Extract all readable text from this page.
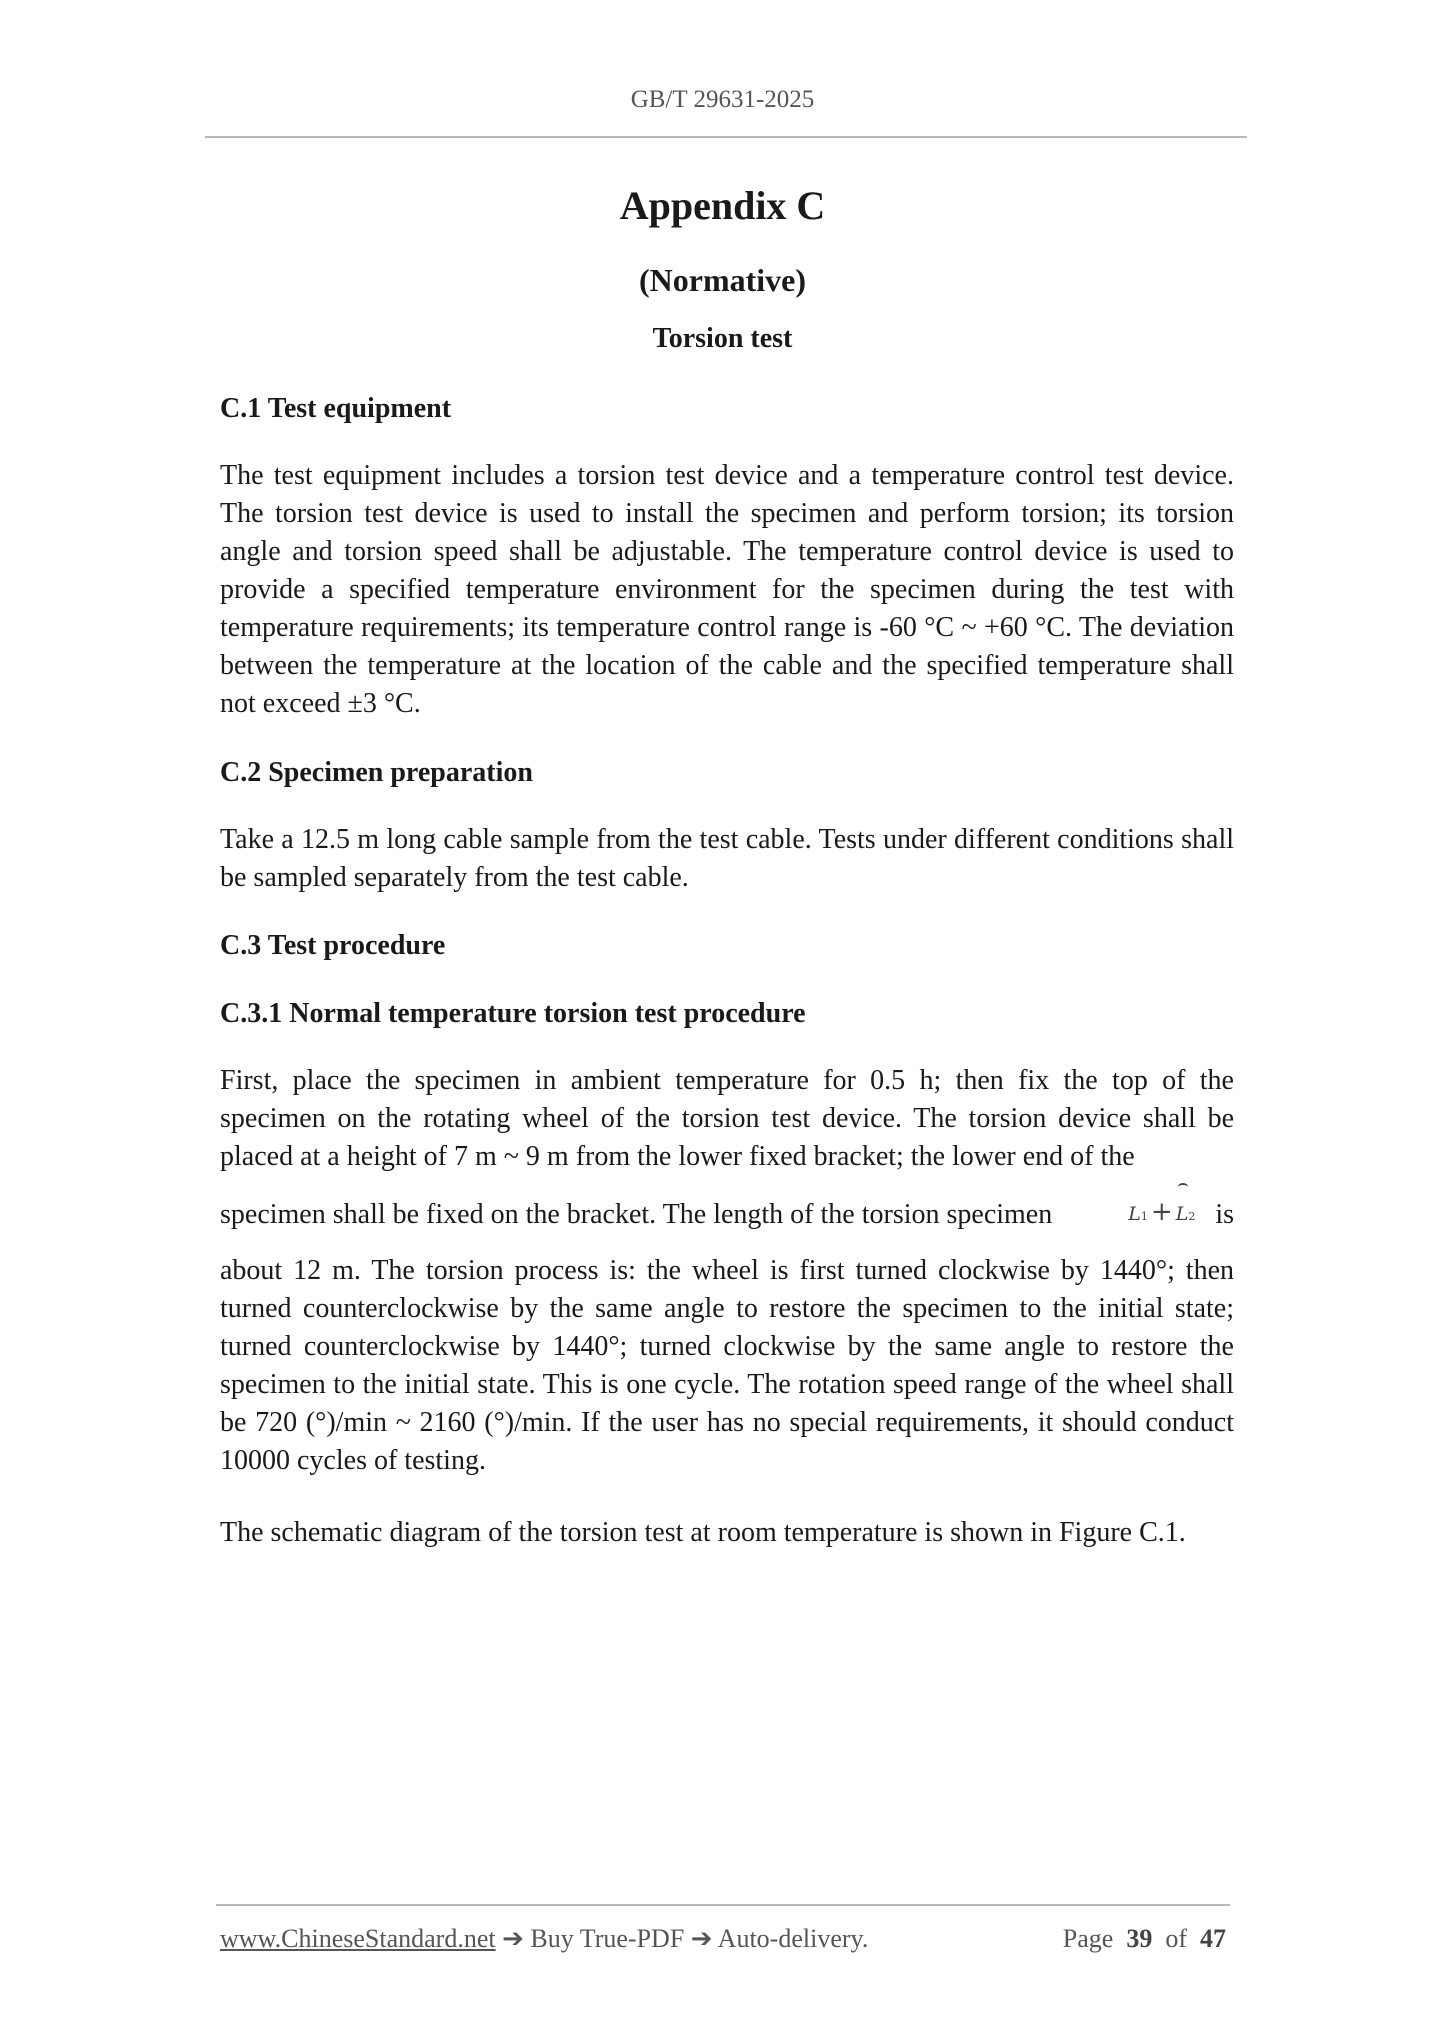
GB/T 29631-2025
Appendix C
(Normative)
Torsion test
C.1 Test equipment

The test equipment includes a torsion test device and a temperature control test device. The torsion test device is used to install the specimen and perform torsion; its torsion angle and torsion speed shall be adjustable. The temperature control device is used to provide a specified temperature environment for the specimen during the test with temperature requirements; its temperature control range is -60 °C ~ +60 °C. The deviation between the temperature at the location of the cable and the specified temperature shall not exceed ±3 °C.

C.2 Specimen preparation

Take a 12.5 m long cable sample from the test cable. Tests under different conditions shall be sampled separately from the test cable.

C.3 Test procedure
C.3.1 Normal temperature torsion test procedure

First, place the specimen in ambient temperature for 0.5 h; then fix the top of the specimen on the rotating wheel of the torsion test device. The torsion device shall be placed at a height of 7 m ~ 9 m from the lower fixed bracket; the lower end of the

specimen shall be fixed on the bracket. The length of the torsion specimen	L 1 + L 2 is

about 12 m. The torsion process is: the wheel is first turned clockwise by 1440°; then turned counterclockwise by the same angle to restore the specimen to the initial state; turned counterclockwise by 1440°; turned clockwise by the same angle to restore the specimen to the initial state. This is one cycle. The rotation speed range of the wheel shall be 720 (°)/min ~ 2160 (°)/min. If the user has no special requirements, it should conduct 10000 cycles of testing.

The schematic diagram of the torsion test at room temperature is shown in Figure C.1.

www.ChineseStandard.net ➔ Buy True-PDF ➔ Auto-delivery.	Page 39 of 47
